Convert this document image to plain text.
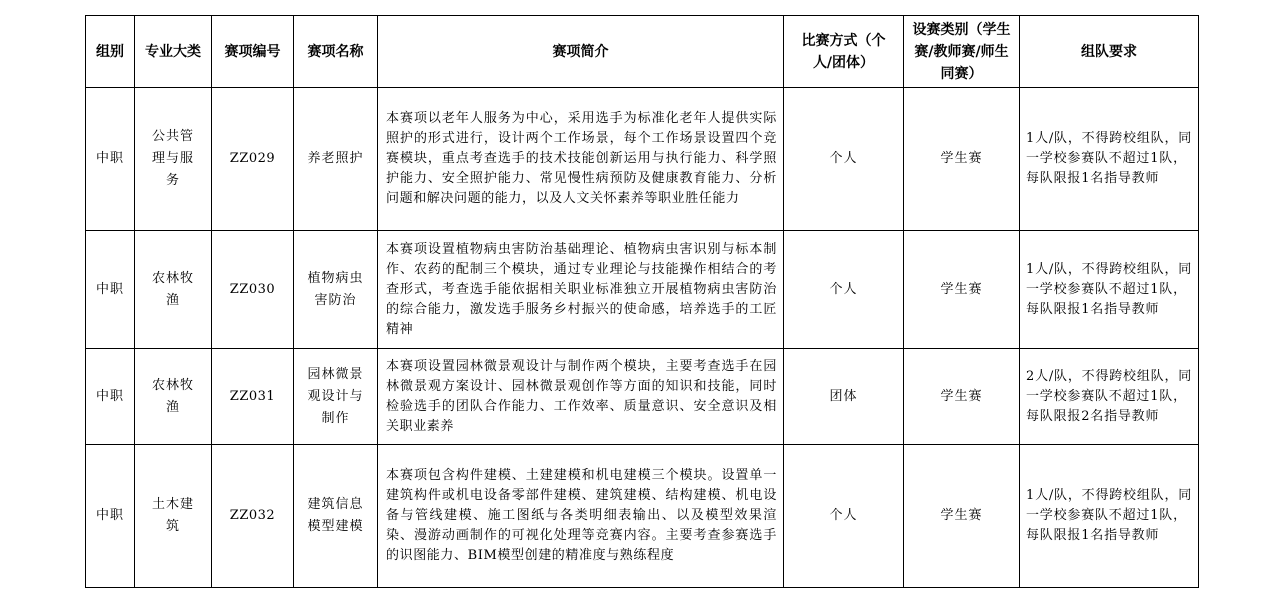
组别	专业大类	赛项编号	赛项名称	赛项简介	比赛方式（个人/团体）	设赛类别（学生赛/教师赛/师生同赛）	组队要求

中职	公共管理与服务	ZZ029	养老照护	本赛项以老年人服务为中心，采用选手为标准化老年人提供实际照护的形式进行，设计两个工作场景，每个工作场景设置四个竞赛模块，重点考查选手的技术技能创新运用与执行能力、科学照护能力、安全照护能力、常见慢性病预防及健康教育能力、分析问题和解决问题的能力，以及人文关怀素养等职业胜任能力	个人	学生赛	1人/队，不得跨校组队，同一学校参赛队不超过1队，每队限报1名指导教师
中职	农林牧渔	ZZ030	植物病虫害防治	本赛项设置植物病虫害防治基础理论、植物病虫害识别与标本制作、农药的配制三个模块，通过专业理论与技能操作相结合的考查形式，考查选手能依据相关职业标准独立开展植物病虫害防治的综合能力，激发选手服务乡村振兴的使命感，培养选手的工匠精神	个人	学生赛	1人/队，不得跨校组队，同一学校参赛队不超过1队，每队限报1名指导教师
中职	农林牧渔	ZZ031	园林微景观设计与制作	本赛项设置园林微景观设计与制作两个模块，主要考查选手在园林微景观方案设计、园林微景观创作等方面的知识和技能，同时检验选手的团队合作能力、工作效率、质量意识、安全意识及相关职业素养	团体	学生赛	2人/队，不得跨校组队，同一学校参赛队不超过1队，每队限报2名指导教师
中职	土木建筑	ZZ032	建筑信息模型建模	本赛项包含构件建模、土建建模和机电建模三个模块。设置单一建筑构件或机电设备零部件建模、建筑建模、结构建模、机电设备与管线建模、施工图纸与各类明细表输出、以及模型效果渲染、漫游动画制作的可视化处理等竞赛内容。主要考查参赛选手的识图能力、BIM模型创建的精准度与熟练程度	个人	学生赛	1人/队，不得跨校组队，同一学校参赛队不超过1队，每队限报1名指导教师
